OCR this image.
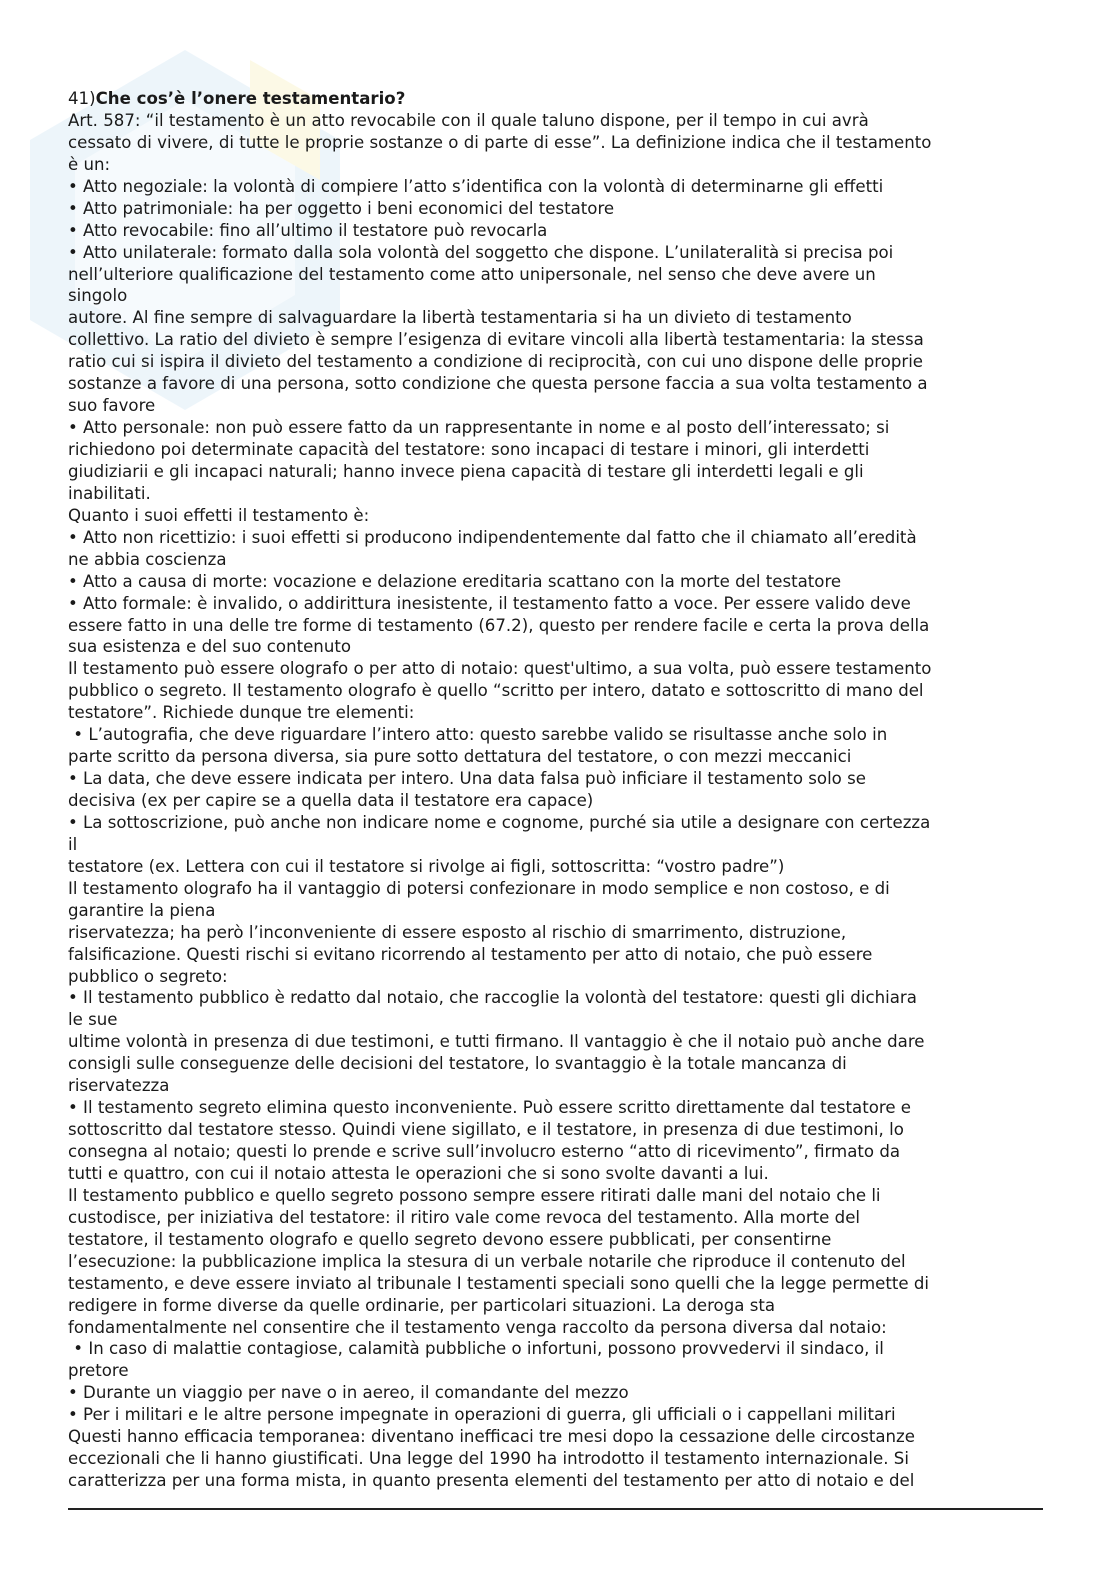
41)Che cos’è l’onere testamentario?
Art. 587: “il testamento è un atto revocabile con il quale taluno dispone, per il tempo in cui avrà
cessato di vivere, di tutte le proprie sostanze o di parte di esse”. La definizione indica che il testamento
è un:
• Atto negoziale: la volontà di compiere l’atto s’identifica con la volontà di determinarne gli effetti
• Atto patrimoniale: ha per oggetto i beni economici del testatore
• Atto revocabile: fino all’ultimo il testatore può revocarla
• Atto unilaterale: formato dalla sola volontà del soggetto che dispone. L’unilateralità si precisa poi
nell’ulteriore qualificazione del testamento come atto unipersonale, nel senso che deve avere un
singolo
autore. Al fine sempre di salvaguardare la libertà testamentaria si ha un divieto di testamento
collettivo. La ratio del divieto è sempre l’esigenza di evitare vincoli alla libertà testamentaria: la stessa
ratio cui si ispira il divieto del testamento a condizione di reciprocità, con cui uno dispone delle proprie
sostanze a favore di una persona, sotto condizione che questa persone faccia a sua volta testamento a
suo favore
• Atto personale: non può essere fatto da un rappresentante in nome e al posto dell’interessato; si
richiedono poi determinate capacità del testatore: sono incapaci di testare i minori, gli interdetti
giudiziarii e gli incapaci naturali; hanno invece piena capacità di testare gli interdetti legali e gli
inabilitati.
Quanto i suoi effetti il testamento è:
• Atto non ricettizio: i suoi effetti si producono indipendentemente dal fatto che il chiamato all’eredità
ne abbia coscienza
• Atto a causa di morte: vocazione e delazione ereditaria scattano con la morte del testatore
• Atto formale: è invalido, o addirittura inesistente, il testamento fatto a voce. Per essere valido deve
essere fatto in una delle tre forme di testamento (67.2), questo per rendere facile e certa la prova della
sua esistenza e del suo contenuto
Il testamento può essere olografo o per atto di notaio: quest'ultimo, a sua volta, può essere testamento
pubblico o segreto. Il testamento olografo è quello “scritto per intero, datato e sottoscritto di mano del
testatore”. Richiede dunque tre elementi:
• L’autografia, che deve riguardare l’intero atto: questo sarebbe valido se risultasse anche solo in
parte scritto da persona diversa, sia pure sotto dettatura del testatore, o con mezzi meccanici
• La data, che deve essere indicata per intero. Una data falsa può inficiare il testamento solo se
decisiva (ex per capire se a quella data il testatore era capace)
• La sottoscrizione, può anche non indicare nome e cognome, purché sia utile a designare con certezza
il
testatore (ex. Lettera con cui il testatore si rivolge ai figli, sottoscritta: “vostro padre”)
Il testamento olografo ha il vantaggio di potersi confezionare in modo semplice e non costoso, e di
garantire la piena
riservatezza; ha però l’inconveniente di essere esposto al rischio di smarrimento, distruzione,
falsificazione. Questi rischi si evitano ricorrendo al testamento per atto di notaio, che può essere
pubblico o segreto:
• Il testamento pubblico è redatto dal notaio, che raccoglie la volontà del testatore: questi gli dichiara
le sue
ultime volontà in presenza di due testimoni, e tutti firmano. Il vantaggio è che il notaio può anche dare
consigli sulle conseguenze delle decisioni del testatore, lo svantaggio è la totale mancanza di
riservatezza
• Il testamento segreto elimina questo inconveniente. Può essere scritto direttamente dal testatore e
sottoscritto dal testatore stesso. Quindi viene sigillato, e il testatore, in presenza di due testimoni, lo
consegna al notaio; questi lo prende e scrive sull’involucro esterno “atto di ricevimento”, firmato da
tutti e quattro, con cui il notaio attesta le operazioni che si sono svolte davanti a lui.
Il testamento pubblico e quello segreto possono sempre essere ritirati dalle mani del notaio che li
custodisce, per iniziativa del testatore: il ritiro vale come revoca del testamento. Alla morte del
testatore, il testamento olografo e quello segreto devono essere pubblicati, per consentirne
l’esecuzione: la pubblicazione implica la stesura di un verbale notarile che riproduce il contenuto del
testamento, e deve essere inviato al tribunale I testamenti speciali sono quelli che la legge permette di
redigere in forme diverse da quelle ordinarie, per particolari situazioni. La deroga sta
fondamentalmente nel consentire che il testamento venga raccolto da persona diversa dal notaio:
• In caso di malattie contagiose, calamità pubbliche o infortuni, possono provvedervi il sindaco, il
pretore
• Durante un viaggio per nave o in aereo, il comandante del mezzo
• Per i militari e le altre persone impegnate in operazioni di guerra, gli ufficiali o i cappellani militari
Questi hanno efficacia temporanea: diventano inefficaci tre mesi dopo la cessazione delle circostanze
eccezionali che li hanno giustificati. Una legge del 1990 ha introdotto il testamento internazionale. Si
caratterizza per una forma mista, in quanto presenta elementi del testamento per atto di notaio e del
